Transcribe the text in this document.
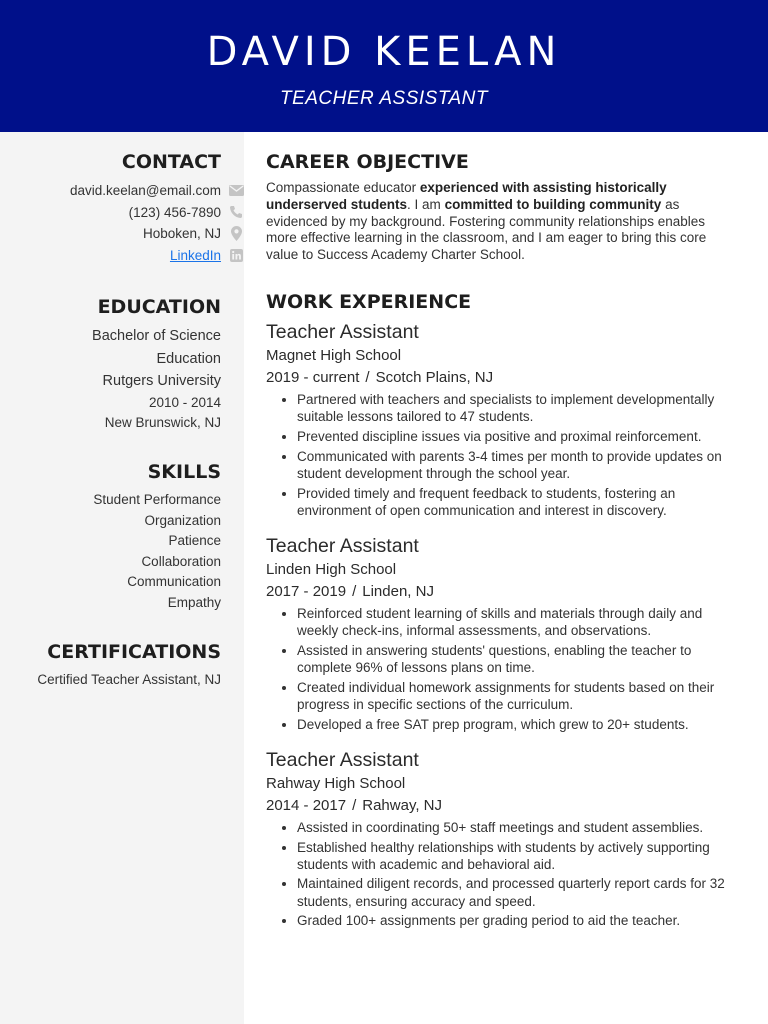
DAVID KEELAN
TEACHER ASSISTANT
CONTACT
david.keelan@email.com
(123) 456-7890
Hoboken, NJ
LinkedIn
EDUCATION
Bachelor of Science
Education
Rutgers University
2010 - 2014
New Brunswick, NJ
SKILLS
Student Performance
Organization
Patience
Collaboration
Communication
Empathy
CERTIFICATIONS
Certified Teacher Assistant, NJ
CAREER OBJECTIVE
Compassionate educator experienced with assisting historically underserved students. I am committed to building community as evidenced by my background. Fostering community relationships enables more effective learning in the classroom, and I am eager to bring this core value to Success Academy Charter School.
WORK EXPERIENCE
Teacher Assistant
Magnet High School
2019 - current / Scotch Plains, NJ
• Partnered with teachers and specialists to implement developmentally suitable lessons tailored to 47 students.
• Prevented discipline issues via positive and proximal reinforcement.
• Communicated with parents 3-4 times per month to provide updates on student development through the school year.
• Provided timely and frequent feedback to students, fostering an environment of open communication and interest in discovery.
Teacher Assistant
Linden High School
2017 - 2019 / Linden, NJ
• Reinforced student learning of skills and materials through daily and weekly check-ins, informal assessments, and observations.
• Assisted in answering students' questions, enabling the teacher to complete 96% of lessons plans on time.
• Created individual homework assignments for students based on their progress in specific sections of the curriculum.
• Developed a free SAT prep program, which grew to 20+ students.
Teacher Assistant
Rahway High School
2014 - 2017 / Rahway, NJ
• Assisted in coordinating 50+ staff meetings and student assemblies.
• Established healthy relationships with students by actively supporting students with academic and behavioral aid.
• Maintained diligent records, and processed quarterly report cards for 32 students, ensuring accuracy and speed.
• Graded 100+ assignments per grading period to aid the teacher.
